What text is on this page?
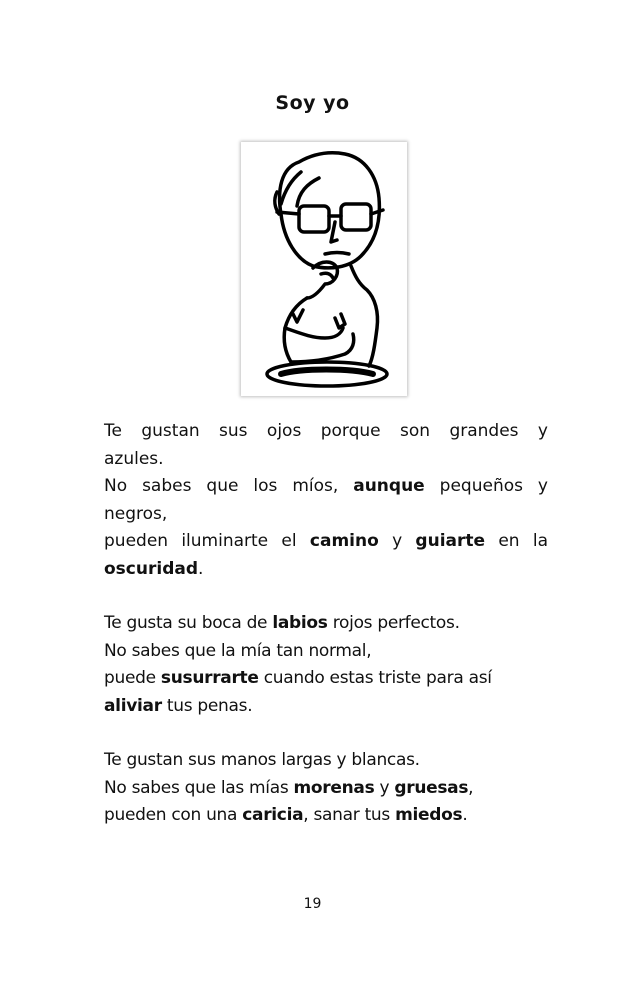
Soy yo
Te gustan sus ojos porque son grandes y
azules.
No sabes que los míos, aunque pequeños y
negros,
pueden iluminarte el camino y guiarte en la
oscuridad.
Te gusta su boca de labios rojos perfectos.
No sabes que la mía tan normal,
puede susurrarte cuando estas triste para así
aliviar tus penas.
Te gustan sus manos largas y blancas.
No sabes que las mías morenas y gruesas,
pueden con una caricia, sanar tus miedos.
19
